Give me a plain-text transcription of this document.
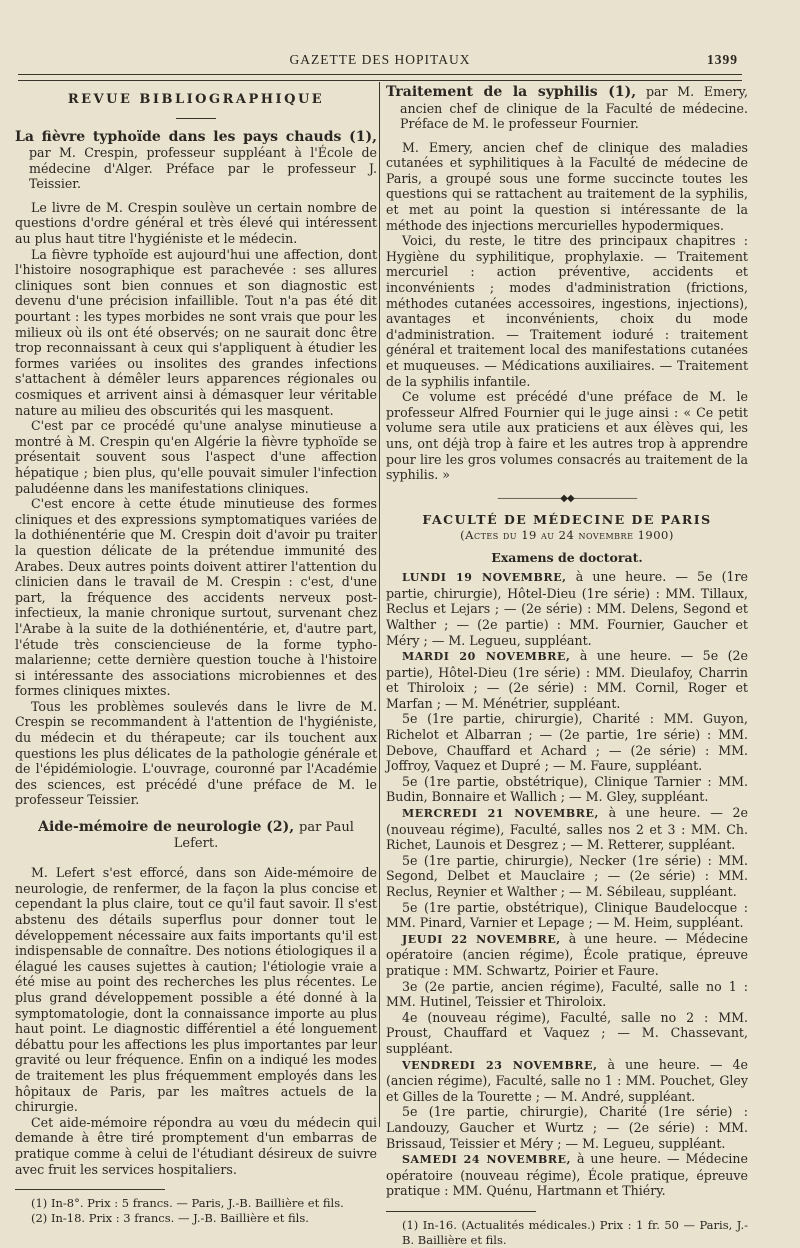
GAZETTE DES HOPITAUX	1399
REVUE BIBLIOGRAPHIQUE
La fièvre typhoïde dans les pays chauds (1), par M. Crespin, professeur suppléant à l'École de médecine d'Alger. Préface par le professeur J. Teissier.

Le livre de M. Crespin soulève un certain nombre de questions d'ordre général et très élevé qui intéressent au plus haut titre l'hygiéniste et le médecin.

La fièvre typhoïde est aujourd'hui une affection, dont l'histoire nosographique est parachevée : ses allures cliniques sont bien connues et son diagnostic est devenu d'une précision infaillible. Tout n'a pas été dit pourtant : les types morbides ne sont vrais que pour les milieux où ils ont été observés; on ne saurait donc être trop reconnaissant à ceux qui s'appliquent à étudier les formes variées ou insolites des grandes infections s'attachent à démêler leurs apparences régionales ou cosmiques et arrivent ainsi à démasquer leur véritable nature au milieu des obscurités qui les masquent.

C'est par ce procédé qu'une analyse minutieuse a montré à M. Crespin qu'en Algérie la fièvre typhoïde se présentait souvent sous l'aspect d'une affection hépatique ; bien plus, qu'elle pouvait simuler l'infection paludéenne dans les manifestations cliniques.

C'est encore à cette étude minutieuse des formes cliniques et des expressions symptomatiques variées de la dothiénentérie que M. Crespin doit d'avoir pu traiter la question délicate de la prétendue immunité des Arabes. Deux autres points doivent attirer l'attention du clinicien dans le travail de M. Crespin : c'est, d'une part, la fréquence des accidents nerveux post-infectieux, la manie chronique surtout, survenant chez l'Arabe à la suite de la dothiénentérie, et, d'autre part, l'étude très consciencieuse de la forme typho-malarienne; cette dernière question touche à l'histoire si intéressante des associations microbiennes et des formes cliniques mixtes.

Tous les problèmes soulevés dans le livre de M. Crespin se recommandent à l'attention de l'hygiéniste, du médecin et du thérapeute; car ils touchent aux questions les plus délicates de la pathologie générale et de l'épidémiologie. L'ouvrage, couronné par l'Académie des sciences, est précédé d'une préface de M. le professeur Teissier.

Aide-mémoire de neurologie (2), par Paul Lefert.

M. Lefert s'est efforcé, dans son Aide-mémoire de neurologie, de renfermer, de la façon la plus concise et cependant la plus claire, tout ce qu'il faut savoir. Il s'est abstenu des détails superflus pour donner tout le développement nécessaire aux faits importants qu'il est indispensable de connaître. Des notions étiologiques il a élagué les causes sujettes à caution; l'étiologie vraie a été mise au point des recherches les plus récentes. Le plus grand développement possible a été donné à la symptomatologie, dont la connaissance importe au plus haut point. Le diagnostic différentiel a été longuement débattu pour les affections les plus importantes par leur gravité ou leur fréquence. Enfin on a indiqué les modes de traitement les plus fréquemment employés dans les hôpitaux de Paris, par les maîtres actuels de la chirurgie.

Cet aide-mémoire répondra au vœu du médecin qui demande à être tiré promptement d'un embarras de pratique comme à celui de l'étudiant désireux de suivre avec fruit les services hospitaliers.

(1) In-8°. Prix : 5 francs. — Paris, J.-B. Baillière et fils.

(2) In-18. Prix : 3 francs. — J.-B. Baillière et fils.

Traitement de la syphilis (1), par M. Emery, ancien chef de clinique de la Faculté de médecine. Préface de M. le professeur Fournier.

M. Emery, ancien chef de clinique des maladies cutanées et syphilitiques à la Faculté de médecine de Paris, a groupé sous une forme succincte toutes les questions qui se rattachent au traitement de la syphilis, et met au point la question si intéressante de la méthode des injections mercurielles hypodermiques.

Voici, du reste, le titre des principaux chapitres : Hygiène du syphilitique, prophylaxie. — Traitement mercuriel : action préventive, accidents et inconvénients ; modes d'administration (frictions, méthodes cutanées accessoires, ingestions, injections), avantages et inconvénients, choix du mode d'administration. — Traitement ioduré : traitement général et traitement local des manifestations cutanées et muqueuses. — Médications auxiliaires. — Traitement de la syphilis infantile.

Ce volume est précédé d'une préface de M. le professeur Alfred Fournier qui le juge ainsi : « Ce petit volume sera utile aux praticiens et aux élèves qui, les uns, ont déjà trop à faire et les autres trop à apprendre pour lire les gros volumes consacrés au traitement de la syphilis. »

———————◆◆———————
FACULTÉ DE MÉDECINE DE PARIS
(Actes du 19 au 24 novembre 1900)
Examens de doctorat.

LUNDI 19 NOVEMBRE, à une heure. — 5e (1re partie, chirurgie), Hôtel-Dieu (1re série) : MM. Tillaux, Reclus et Lejars ; — (2e série) : MM. Delens, Segond et Walther ; — (2e partie) : MM. Fournier, Gaucher et Méry ; — M. Legueu, suppléant.

MARDI 20 NOVEMBRE, à une heure. — 5e (2e partie), Hôtel-Dieu (1re série) : MM. Dieulafoy, Charrin et Thiroloix ; — (2e série) : MM. Cornil, Roger et Marfan ; — M. Ménétrier, suppléant.

5e (1re partie, chirurgie), Charité : MM. Guyon, Richelot et Albarran ; — (2e partie, 1re série) : MM. Debove, Chauffard et Achard ; — (2e série) : MM. Joffroy, Vaquez et Dupré ; — M. Faure, suppléant.

5e (1re partie, obstétrique), Clinique Tarnier : MM. Budin, Bonnaire et Wallich ; — M. Gley, suppléant.

MERCREDI 21 NOVEMBRE, à une heure. — 2e (nouveau régime), Faculté, salles nos 2 et 3 : MM. Ch. Richet, Launois et Desgrez ; — M. Retterer, suppléant.

5e (1re partie, chirurgie), Necker (1re série) : MM. Segond, Delbet et Mauclaire ; — (2e série) : MM. Reclus, Reynier et Walther ; — M. Sébileau, suppléant.

5e (1re partie, obstétrique), Clinique Baudelocque : MM. Pinard, Varnier et Lepage ; — M. Heim, suppléant.

JEUDI 22 NOVEMBRE, à une heure. — Médecine opératoire (ancien régime), École pratique, épreuve pratique : MM. Schwartz, Poirier et Faure.

3e (2e partie, ancien régime), Faculté, salle no 1 : MM. Hutinel, Teissier et Thiroloix.

4e (nouveau régime), Faculté, salle no 2 : MM. Proust, Chauffard et Vaquez ; — M. Chassevant, suppléant.

VENDREDI 23 NOVEMBRE, à une heure. — 4e (ancien régime), Faculté, salle no 1 : MM. Pouchet, Gley et Gilles de la Tourette ; — M. André, suppléant.

5e (1re partie, chirurgie), Charité (1re série) : Landouzy, Gaucher et Wurtz ; — (2e série) : MM. Brissaud, Teissier et Méry ; — M. Legueu, suppléant.

SAMEDI 24 NOVEMBRE, à une heure. — Médecine opératoire (nouveau régime), École pratique, épreuve pratique : MM. Quénu, Hartmann et Thiéry.

(1) In-16. (Actualités médicales.) Prix : 1 fr. 50 — Paris, J.-B. Baillière et fils.
